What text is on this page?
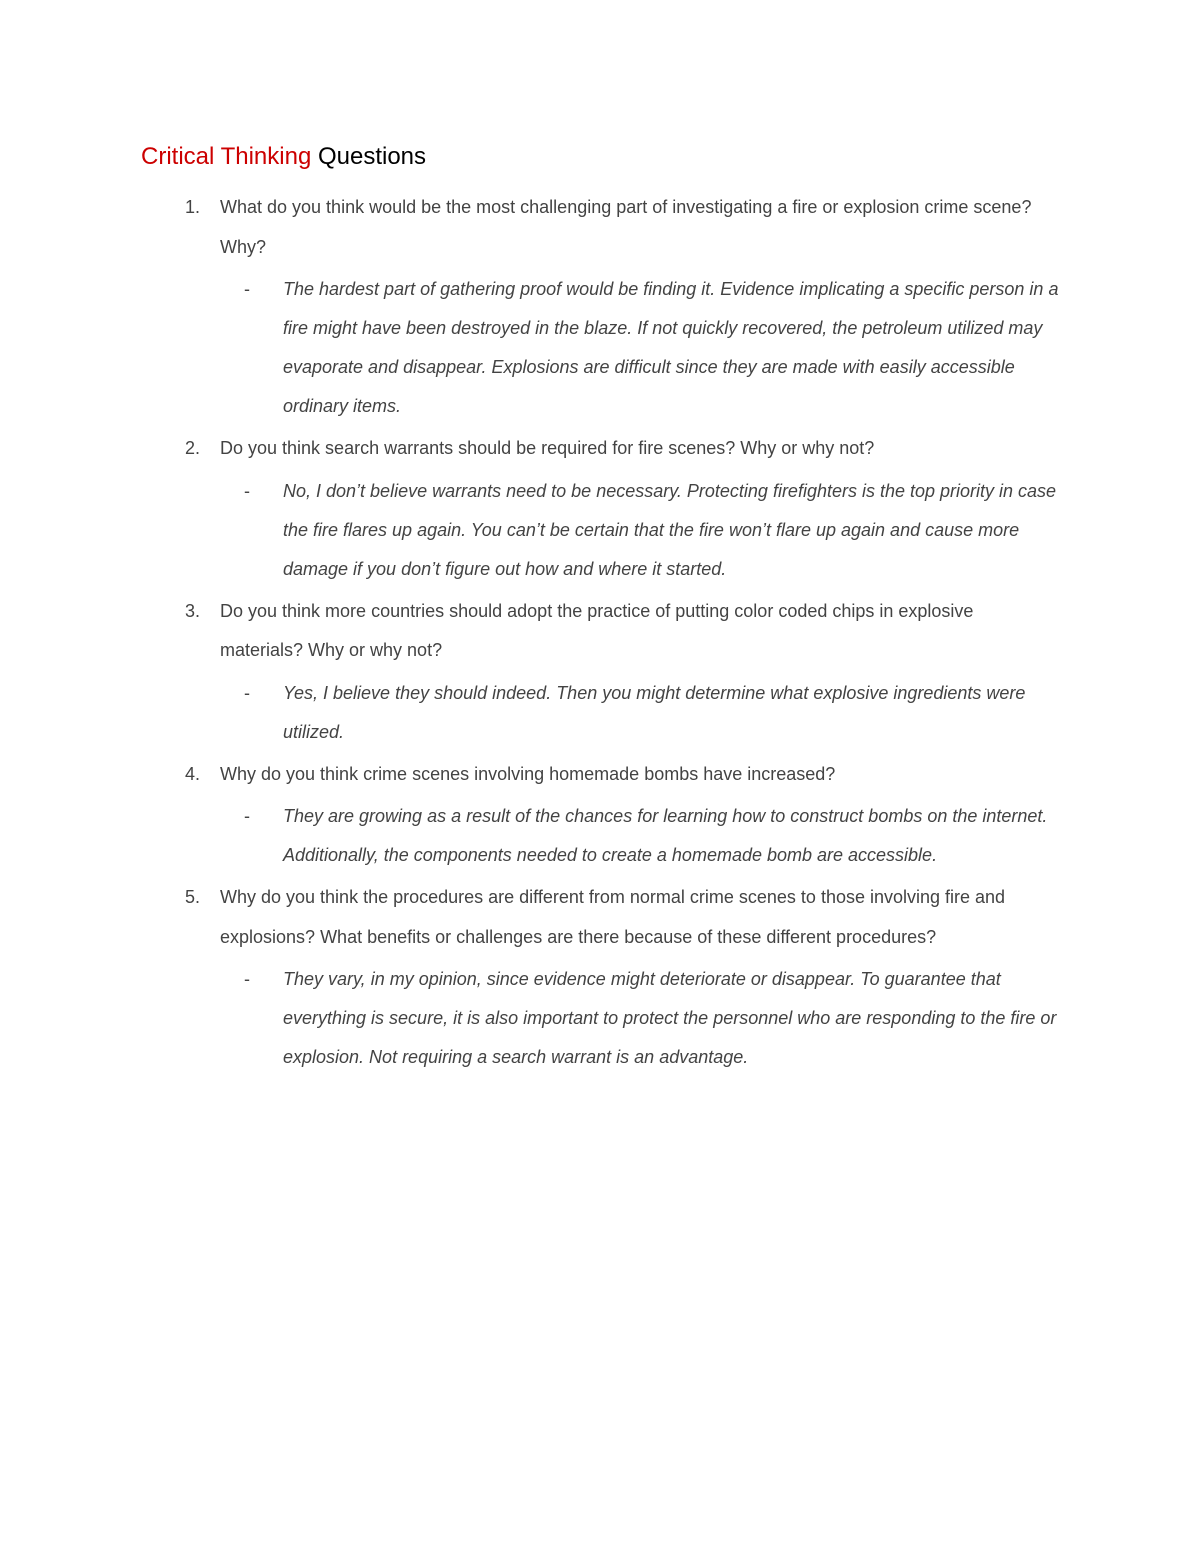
Critical Thinking Questions
1.	What do you think would be the most challenging part of investigating a fire or explosion crime scene? Why?
- The hardest part of gathering proof would be finding it. Evidence implicating a specific person in a fire might have been destroyed in the blaze. If not quickly recovered, the petroleum utilized may evaporate and disappear. Explosions are difficult since they are made with easily accessible ordinary items.
2.	Do you think search warrants should be required for fire scenes? Why or why not?
- No, I don’t believe warrants need to be necessary. Protecting firefighters is the top priority in case the fire flares up again. You can’t be certain that the fire won’t flare up again and cause more damage if you don’t figure out how and where it started.
3.	Do you think more countries should adopt the practice of putting color coded chips in explosive materials? Why or why not?
- Yes, I believe they should indeed. Then you might determine what explosive ingredients were utilized.
4.	Why do you think crime scenes involving homemade bombs have increased?
- They are growing as a result of the chances for learning how to construct bombs on the internet. Additionally, the components needed to create a homemade bomb are accessible.
5.	Why do you think the procedures are different from normal crime scenes to those involving fire and explosions? What benefits or challenges are there because of these different procedures?
- They vary, in my opinion, since evidence might deteriorate or disappear. To guarantee that everything is secure, it is also important to protect the personnel who are responding to the fire or explosion. Not requiring a search warrant is an advantage.
